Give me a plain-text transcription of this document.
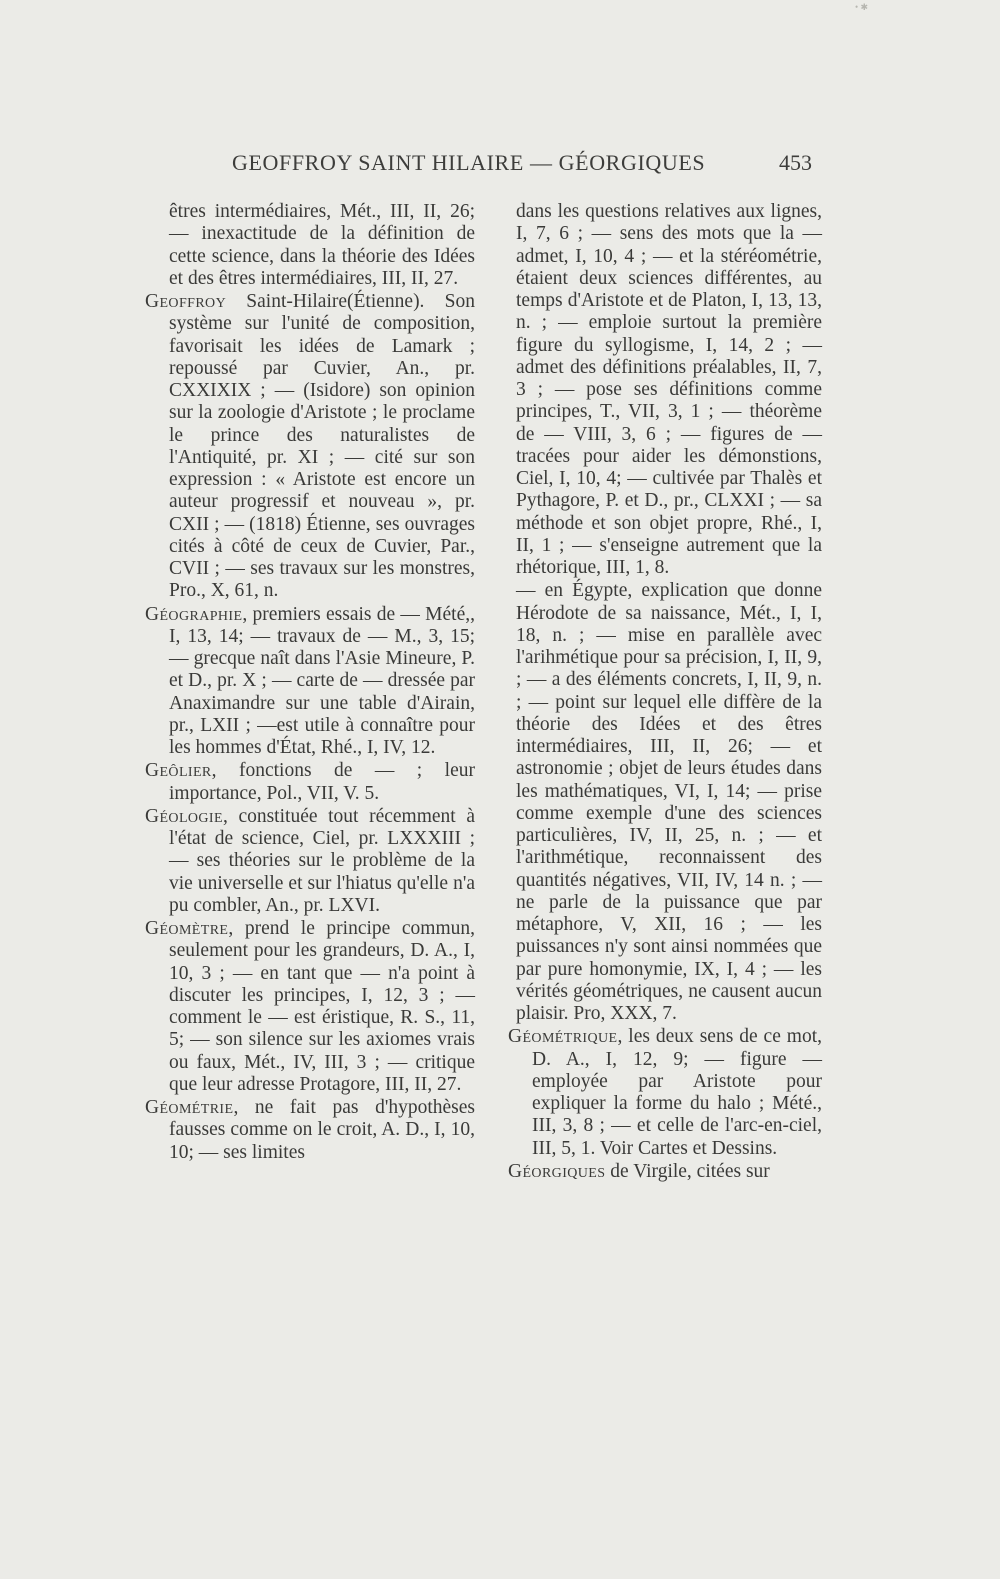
• ✱
GEOFFROY SAINT HILAIRE — GÉORGIQUES	453

êtres intermédiaires, Mét., III, II, 26; — inexactitude de la définition de cette science, dans la théorie des Idées et des êtres intermédiaires, III, II, 27.

Geoffroy Saint-Hilaire(Étienne). Son système sur l'unité de composition, favorisait les idées de Lamark ; repoussé par Cuvier, An., pr. CXXIXIX ; — (Isidore) son opinion sur la zoologie d'Aristote ; le proclame le prince des naturalistes de l'Antiquité, pr. XI ; — cité sur son expression : « Aristote est encore un auteur progressif et nouveau », pr. CXII ; — (1818) Étienne, ses ouvrages cités à côté de ceux de Cuvier, Par., CVII ; — ses travaux sur les monstres, Pro., X, 61, n.

Géographie, premiers essais de — Mété,, I, 13, 14; — travaux de — M., 3, 15; — grecque naît dans l'Asie Mineure, P. et D., pr. X ; — carte de — dressée par Anaximandre sur une table d'Airain, pr., LXII ; —est utile à connaître pour les hommes d'État, Rhé., I, IV, 12.

Geôlier, fonctions de — ; leur importance, Pol., VII, V. 5.

Géologie, constituée tout récemment à l'état de science, Ciel, pr. LXXXIII ; — ses théories sur le problème de la vie universelle et sur l'hiatus qu'elle n'a pu combler, An., pr. LXVI.

Géomètre, prend le principe commun, seulement pour les grandeurs, D. A., I, 10, 3 ; — en tant que — n'a point à discuter les principes, I, 12, 3 ; — comment le — est éristique, R. S., 11, 5; — son silence sur les axiomes vrais ou faux, Mét., IV, III, 3 ; — critique que leur adresse Protagore, III, II, 27.

Géométrie, ne fait pas d'hypothèses fausses comme on le croit, A. D., I, 10, 10; — ses limites

dans les questions relatives aux lignes, I, 7, 6 ; — sens des mots que la — admet, I, 10, 4 ; — et la stéréométrie, étaient deux sciences différentes, au temps d'Aristote et de Platon, I, 13, 13, n. ; — emploie surtout la première figure du syllogisme, I, 14, 2 ; — admet des définitions préalables, II, 7, 3 ; — pose ses définitions comme principes, T., VII, 3, 1 ; — théorème de — VIII, 3, 6 ; — figures de — tracées pour aider les démonstions, Ciel, I, 10, 4; — cultivée par Thalès et Pythagore, P. et D., pr., CLXXI ; — sa méthode et son objet propre, Rhé., I, II, 1 ; — s'enseigne autrement que la rhétorique, III, 1, 8.

— en Égypte, explication que donne Hérodote de sa naissance, Mét., I, I, 18, n. ; — mise en parallèle avec l'arihmétique pour sa précision, I, II, 9, ; — a des éléments concrets, I, II, 9, n. ; — point sur lequel elle diffère de la théorie des Idées et des êtres intermédiaires, III, II, 26; — et astronomie ; objet de leurs études dans les mathématiques, VI, I, 14; — prise comme exemple d'une des sciences particulières, IV, II, 25, n. ; — et l'arithmétique, reconnaissent des quantités négatives, VII, IV, 14 n. ; — ne parle de la puissance que par métaphore, V, XII, 16 ; — les puissances n'y sont ainsi nommées que par pure homonymie, IX, I, 4 ; — les vérités géométriques, ne causent aucun plaisir. Pro, XXX, 7.

Géométrique, les deux sens de ce mot, D. A., I, 12, 9; — figure — employée par Aristote pour expliquer la forme du halo ; Mété., III, 3, 8 ; — et celle de l'arc-en-ciel, III, 5, 1. Voir Cartes et Dessins.

Géorgiques de Virgile, citées sur
